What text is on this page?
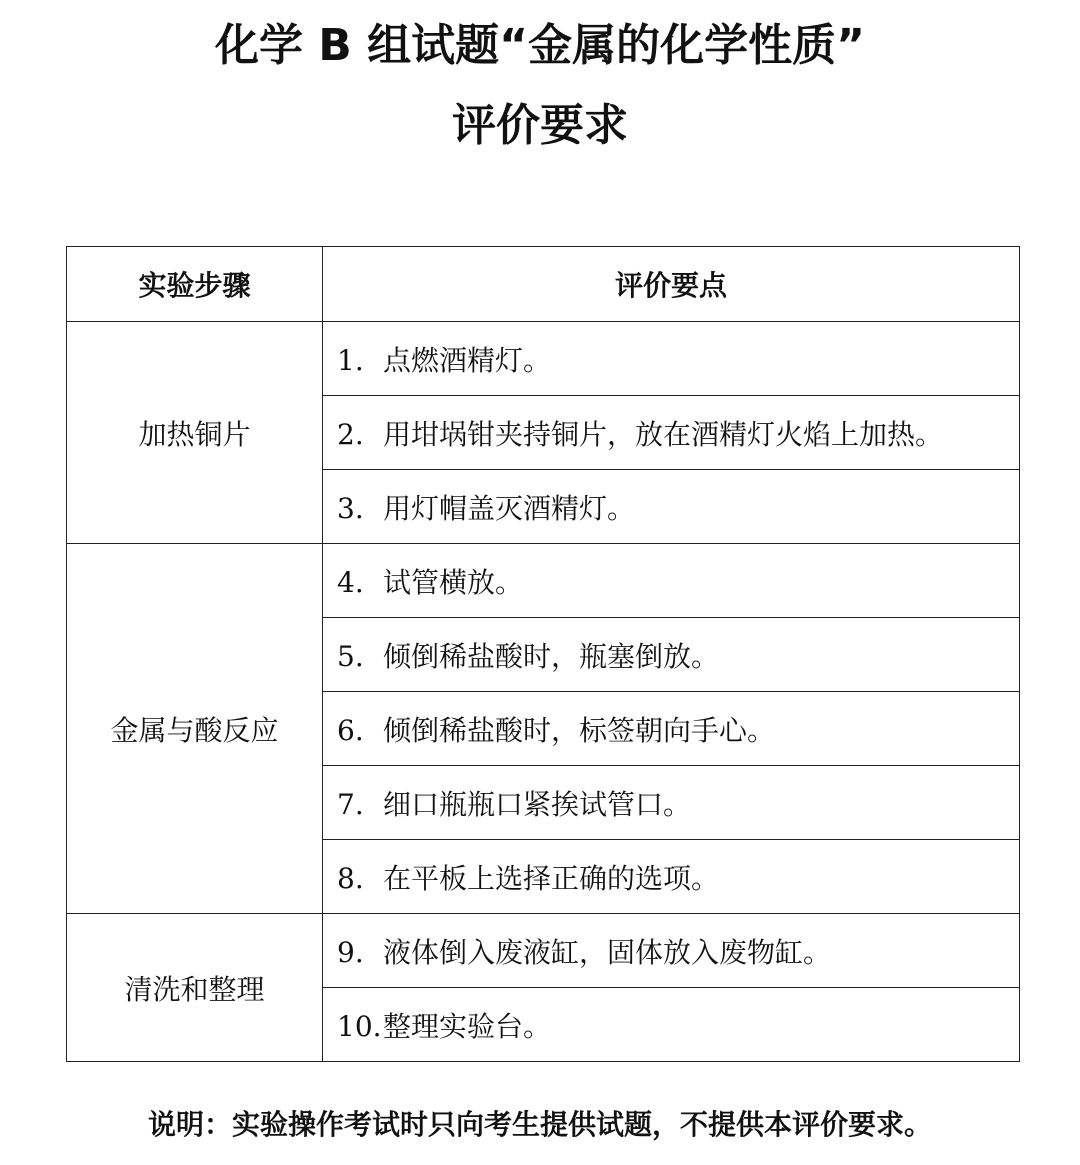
化学 B 组试题“金属的化学性质”
评价要求
实验步骤	评价要点
加热铜片	1. 点燃酒精灯。
	2. 用坩埚钳夹持铜片，放在酒精灯火焰上加热。
	3. 用灯帽盖灭酒精灯。
金属与酸反应	4. 试管横放。
	5. 倾倒稀盐酸时，瓶塞倒放。
	6. 倾倒稀盐酸时，标签朝向手心。
	7. 细口瓶瓶口紧挨试管口。
	8. 在平板上选择正确的选项。
清洗和整理	9. 液体倒入废液缸，固体放入废物缸。
	10.整理实验台。
说明：实验操作考试时只向考生提供试题，不提供本评价要求。
